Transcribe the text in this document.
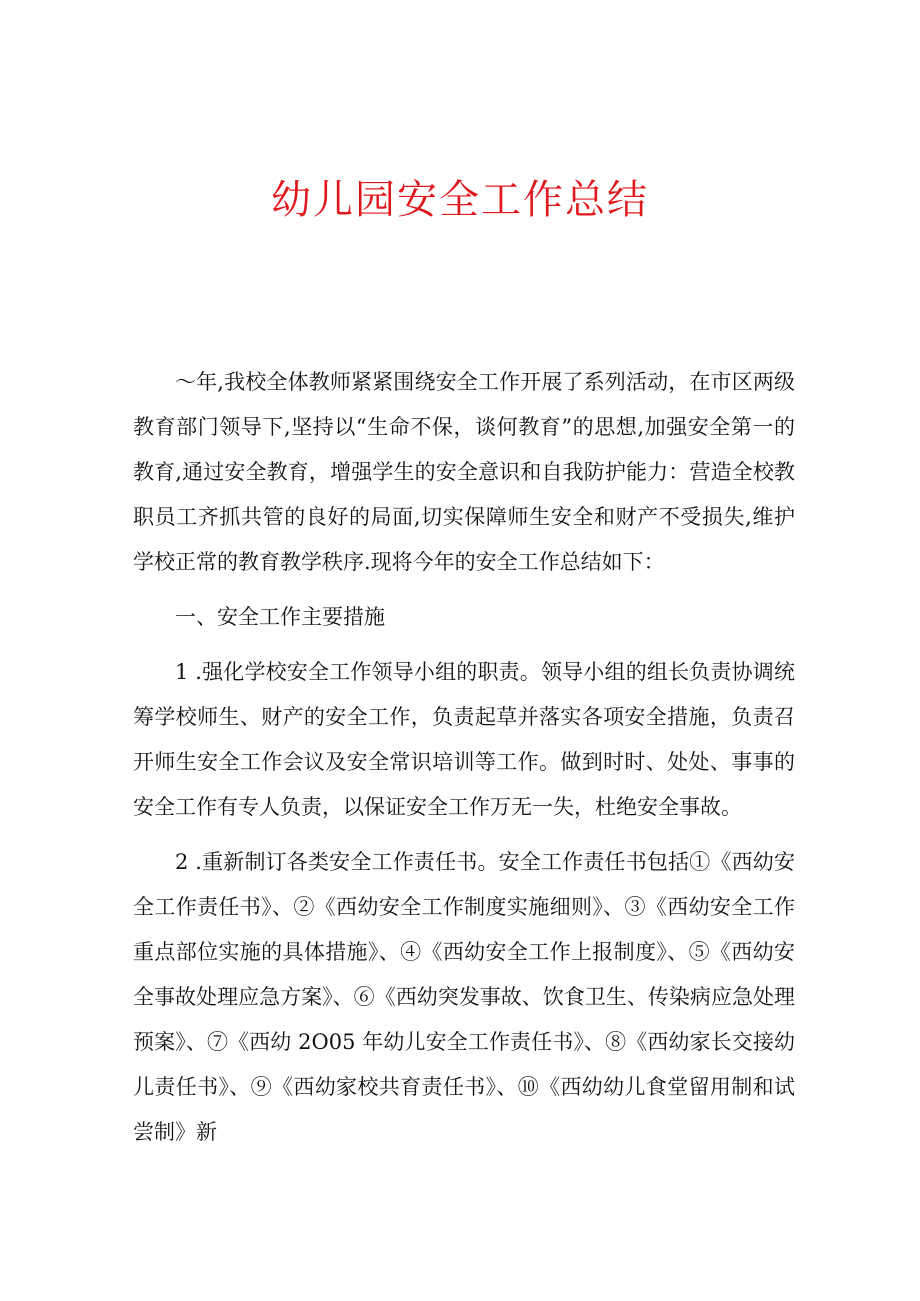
幼儿园安全工作总结

～年,我校全体教师紧紧围绕安全工作开展了系列活动，在市区两级教育部门领导下,坚持以“生命不保，谈何教育”的思想,加强安全第一的教育,通过安全教育，增强学生的安全意识和自我防护能力：营造全校教职员工齐抓共管的良好的局面,切实保障师生安全和财产不受损失,维护学校正常的教育教学秩序.现将今年的安全工作总结如下：

一、安全工作主要措施

1 .强化学校安全工作领导小组的职责。领导小组的组长负责协调统筹学校师生、财产的安全工作，负责起草并落实各项安全措施，负责召开师生安全工作会议及安全常识培训等工作。做到时时、处处、事事的安全工作有专人负责，以保证安全工作万无一失，杜绝安全事故。

2 .重新制订各类安全工作责任书。安全工作责任书包括①《西幼安全工作责任书》、②《西幼安全工作制度实施细则》、③《西幼安全工作重点部位实施的具体措施》、④《西幼安全工作上报制度》、⑤《西幼安全事故处理应急方案》、⑥《西幼突发事故、饮食卫生、传染病应急处理预案》、⑦《西幼 2O05 年幼儿安全工作责任书》、⑧《西幼家长交接幼儿责任书》、⑨《西幼家校共育责任书》、⑩《西幼幼儿食堂留用制和试尝制》新
